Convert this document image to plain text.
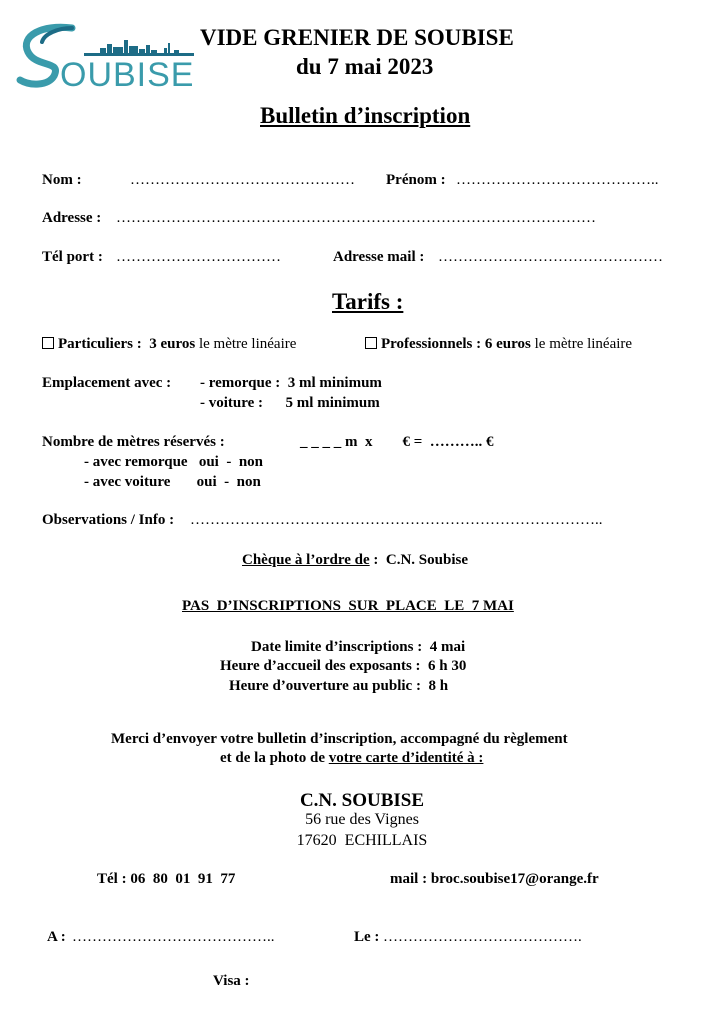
OUBISE
VIDE GRENIER DE SOUBISE
du 7 mai 2023
Bulletin d’inscription
Nom :	……………………………………… Prénom : …………………………………..
Adresse : ……………………………………………………………………………………
Tél port : ……………………………	Adresse mail : ………………………………………
Tarifs :
Particuliers : 3 euros le mètre linéaire	Professionnels : 6 euros le mètre linéaire
Emplacement avec : - remorque :  3 ml minimum
- voiture :      5 ml minimum
Nombre de mètres réservés :	_ _ _ _ m  x        € =  ……….. €
- avec remorque   oui  -  non
- avec voiture       oui  -  non
Observations / Info : ………………………………………………………………………..
Chèque à l’ordre de :  C.N. Soubise
PAS  D’INSCRIPTIONS  SUR  PLACE  LE  7 MAI
Date limite d’inscriptions :  4 mai
Heure d’accueil des exposants :  6 h 30
Heure d’ouverture au public :  8 h
Merci d’envoyer votre bulletin d’inscription, accompagné du règlement
et de la photo de votre carte d’identité à :
C.N. SOUBISE
56 rue des Vignes
17620  ECHILLAIS
Tél : 06  80  01  91  77	mail : broc.soubise17@orange.fr
A : …………………………………..	Le : ………………………………….
Visa :
